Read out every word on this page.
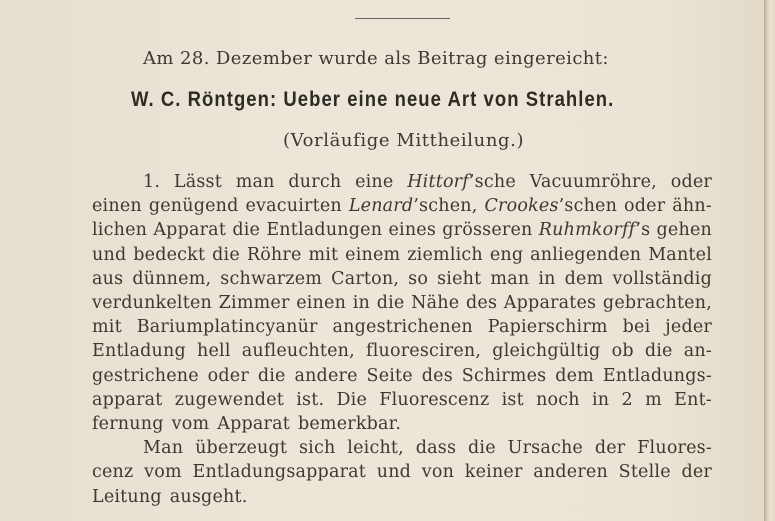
Am 28. Dezember wurde als Beitrag eingereicht:
W. C. Röntgen: Ueber eine neue Art von Strahlen.
(Vorläufige Mittheilung.)
1. Lässt man durch eine Hittorf’sche Vacuumröhre, oder
einen genügend evacuirten Lenard’schen, Crookes’schen oder ähn-
lichen Apparat die Entladungen eines grösseren Ruhmkorff’s gehen
und bedeckt die Röhre mit einem ziemlich eng anliegenden Mantel
aus dünnem, schwarzem Carton, so sieht man in dem vollständig
verdunkelten Zimmer einen in die Nähe des Apparates gebrachten,
mit Bariumplatincyanür angestrichenen Papierschirm bei jeder
Entladung hell aufleuchten, fluoresciren, gleichgültig ob die an-
gestrichene oder die andere Seite des Schirmes dem Entladungs-
apparat zugewendet ist. Die Fluorescenz ist noch in 2 m Ent-
fernung vom Apparat bemerkbar.
Man überzeugt sich leicht, dass die Ursache der Fluores-
cenz vom Entladungsapparat und von keiner anderen Stelle der
Leitung ausgeht.
